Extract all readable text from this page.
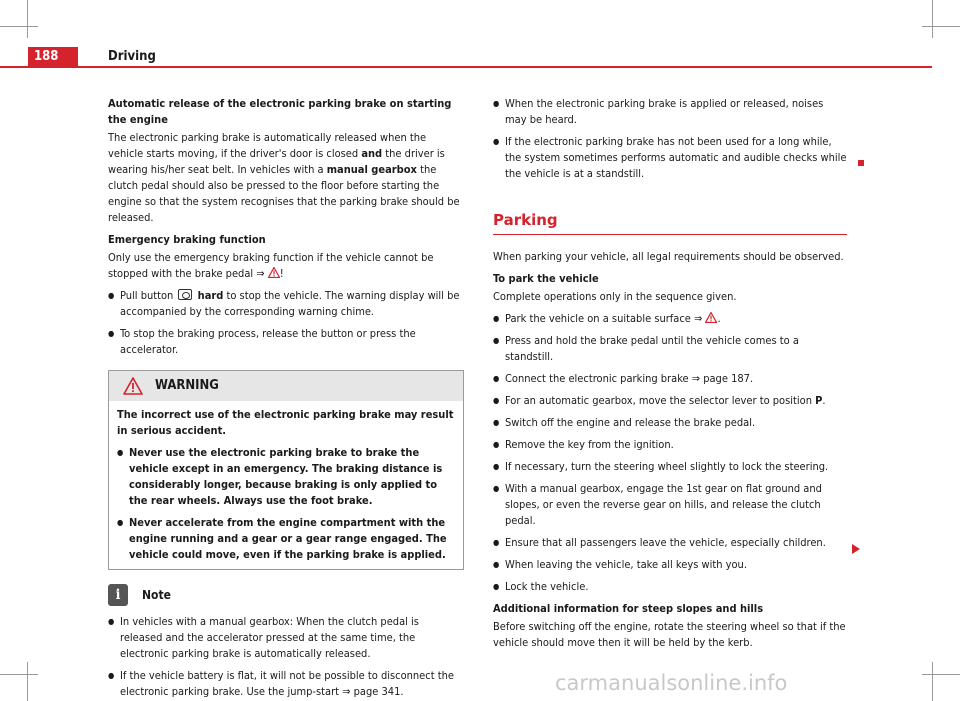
188	Driving

Automatic release of the electronic parking brake on starting the engine

The electronic parking brake is automatically released when the vehicle starts moving, if the driver's door is closed and the driver is wearing his/her seat belt. In vehicles with a manual gearbox the clutch pedal should also be pressed to the floor before starting the engine so that the system recognises that the parking brake should be released.

Emergency braking function

Only use the emergency braking function if the vehicle cannot be stopped with the brake pedal ⇒ !

● Pull button  hard to stop the vehicle. The warning display will be accompanied by the corresponding warning chime.
● To stop the braking process, release the button or press the accelerator.
WARNING

The incorrect use of the electronic parking brake may result in serious accident.

● Never use the electronic parking brake to brake the vehicle except in an emergency. The braking distance is considerably longer, because braking is only applied to the rear wheels. Always use the foot brake.
● Never accelerate from the engine compartment with the engine running and a gear or a gear range engaged. The vehicle could move, even if the parking brake is applied.
i	Note
● In vehicles with a manual gearbox: When the clutch pedal is released and the accelerator pressed at the same time, the electronic parking brake is automatically released.
● If the vehicle battery is flat, it will not be possible to disconnect the electronic parking brake. Use the jump-start ⇒ page 341.
● When the electronic parking brake is applied or released, noises may be heard.
● If the electronic parking brake has not been used for a long while, the system sometimes performs automatic and audible checks while the vehicle is at a standstill.
Parking

When parking your vehicle, all legal requirements should be observed.

To park the vehicle

Complete operations only in the sequence given.

● Park the vehicle on a suitable surface ⇒ .
● Press and hold the brake pedal until the vehicle comes to a standstill.
● Connect the electronic parking brake ⇒ page 187.
● For an automatic gearbox, move the selector lever to position P.
● Switch off the engine and release the brake pedal.
● Remove the key from the ignition.
● If necessary, turn the steering wheel slightly to lock the steering.
● With a manual gearbox, engage the 1st gear on flat ground and slopes, or even the reverse gear on hills, and release the clutch pedal.
● Ensure that all passengers leave the vehicle, especially children.
● When leaving the vehicle, take all keys with you.
● Lock the vehicle.

Additional information for steep slopes and hills

Before switching off the engine, rotate the steering wheel so that if the vehicle should move then it will be held by the kerb.

carmanualsonline.info
